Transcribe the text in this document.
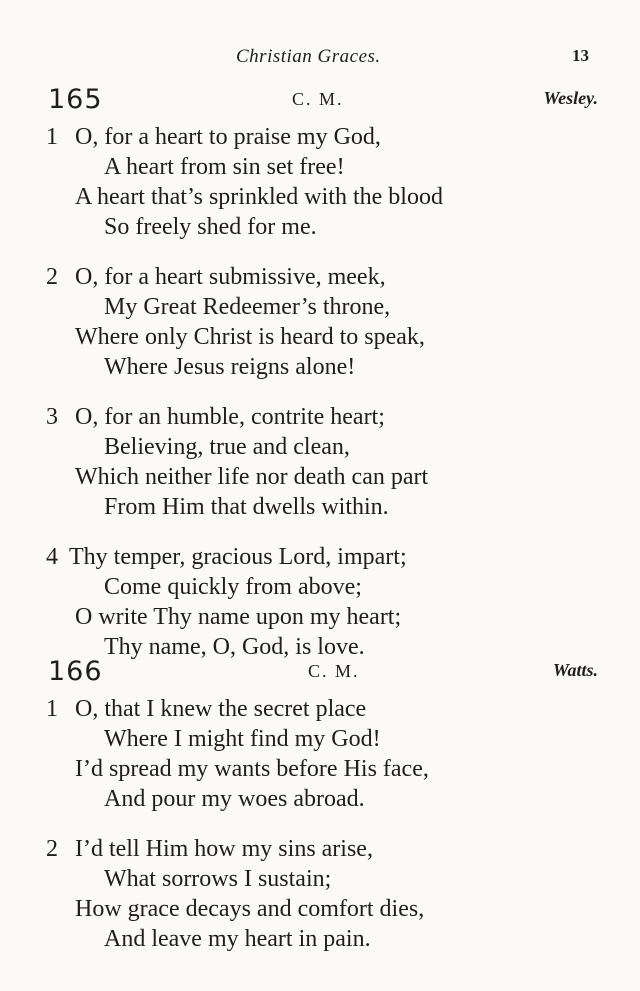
Christian Graces.	13
165	C. M.	Wesley.
1 O, for a heart to praise my God,
A heart from sin set free!
A heart that’s sprinkled with the blood
So freely shed for me.
2 O, for a heart submissive, meek,
My Great Redeemer’s throne,
Where only Christ is heard to speak,
Where Jesus reigns alone!
3 O, for an humble, contrite heart;
Believing, true and clean,
Which neither life nor death can part
From Him that dwells within.
4 Thy temper, gracious Lord, impart;
Come quickly from above;
O write Thy name upon my heart;
Thy name, O, God, is love.
166	C. M.	Watts.
1 O, that I knew the secret place
Where I might find my God!
I’d spread my wants before His face,
And pour my woes abroad.
2 I’d tell Him how my sins arise,
What sorrows I sustain;
How grace decays and comfort dies,
And leave my heart in pain.
